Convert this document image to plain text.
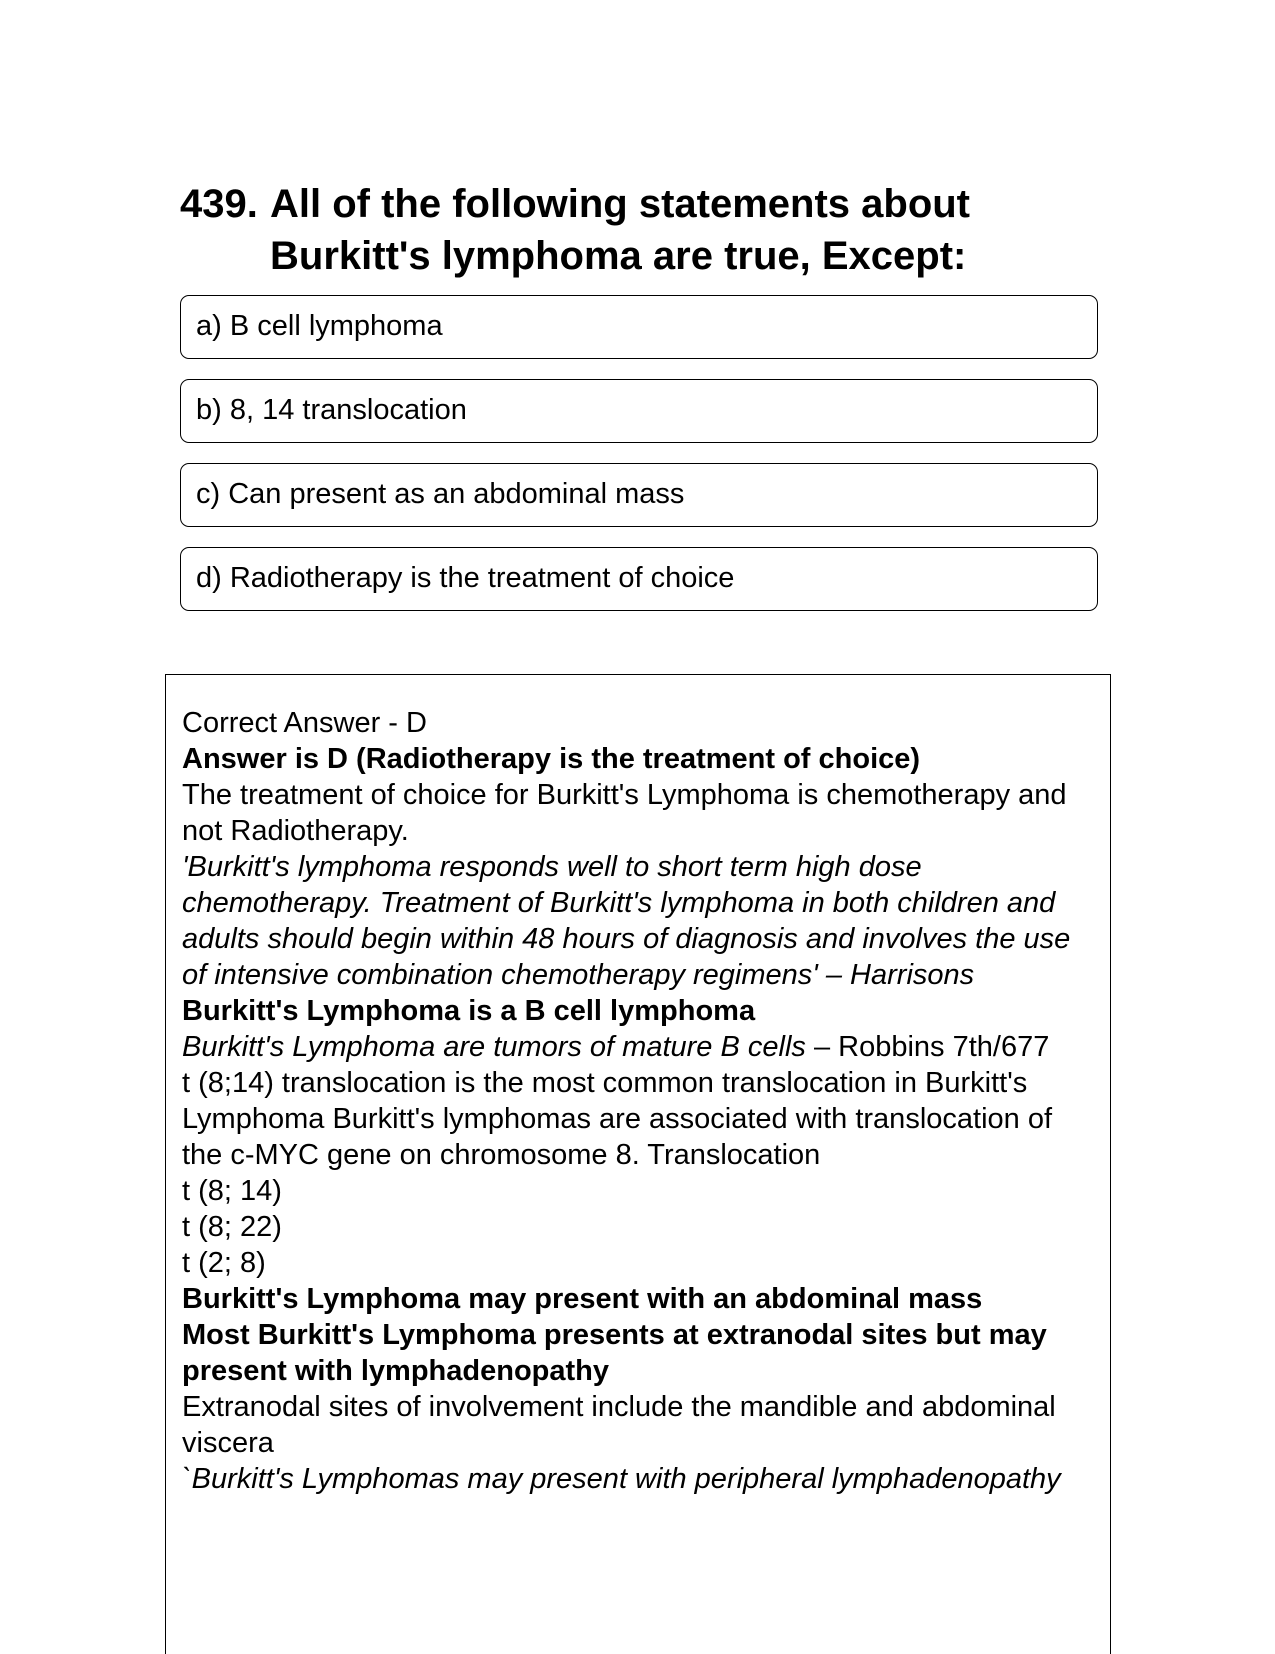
439. All of the following statements about Burkitt's lymphoma are true, Except:
a) B cell lymphoma
b) 8, 14 translocation
c) Can present as an abdominal mass
d) Radiotherapy is the treatment of choice

Correct Answer - D

Answer is D (Radiotherapy is the treatment of choice)

The treatment of choice for Burkitt's Lymphoma is chemotherapy and not Radiotherapy.

'Burkitt's lymphoma responds well to short term high dose chemotherapy. Treatment of Burkitt's lymphoma in both children and adults should begin within 48 hours of diagnosis and involves the use of intensive combination chemotherapy regimens' – Harrisons

Burkitt's Lymphoma is a B cell lymphoma

Burkitt's Lymphoma are tumors of mature B cells – Robbins 7th/677

t (8;14) translocation is the most common translocation in Burkitt's Lymphoma Burkitt's lymphomas are associated with translocation of the c-MYC gene on chromosome 8. Translocation

t (8; 14)

t (8; 22)

t (2; 8)

Burkitt's Lymphoma may present with an abdominal mass

Most Burkitt's Lymphoma presents at extranodal sites but may present with lymphadenopathy

Extranodal sites of involvement include the mandible and abdominal viscera

`Burkitt's Lymphomas may present with peripheral lymphadenopathy
